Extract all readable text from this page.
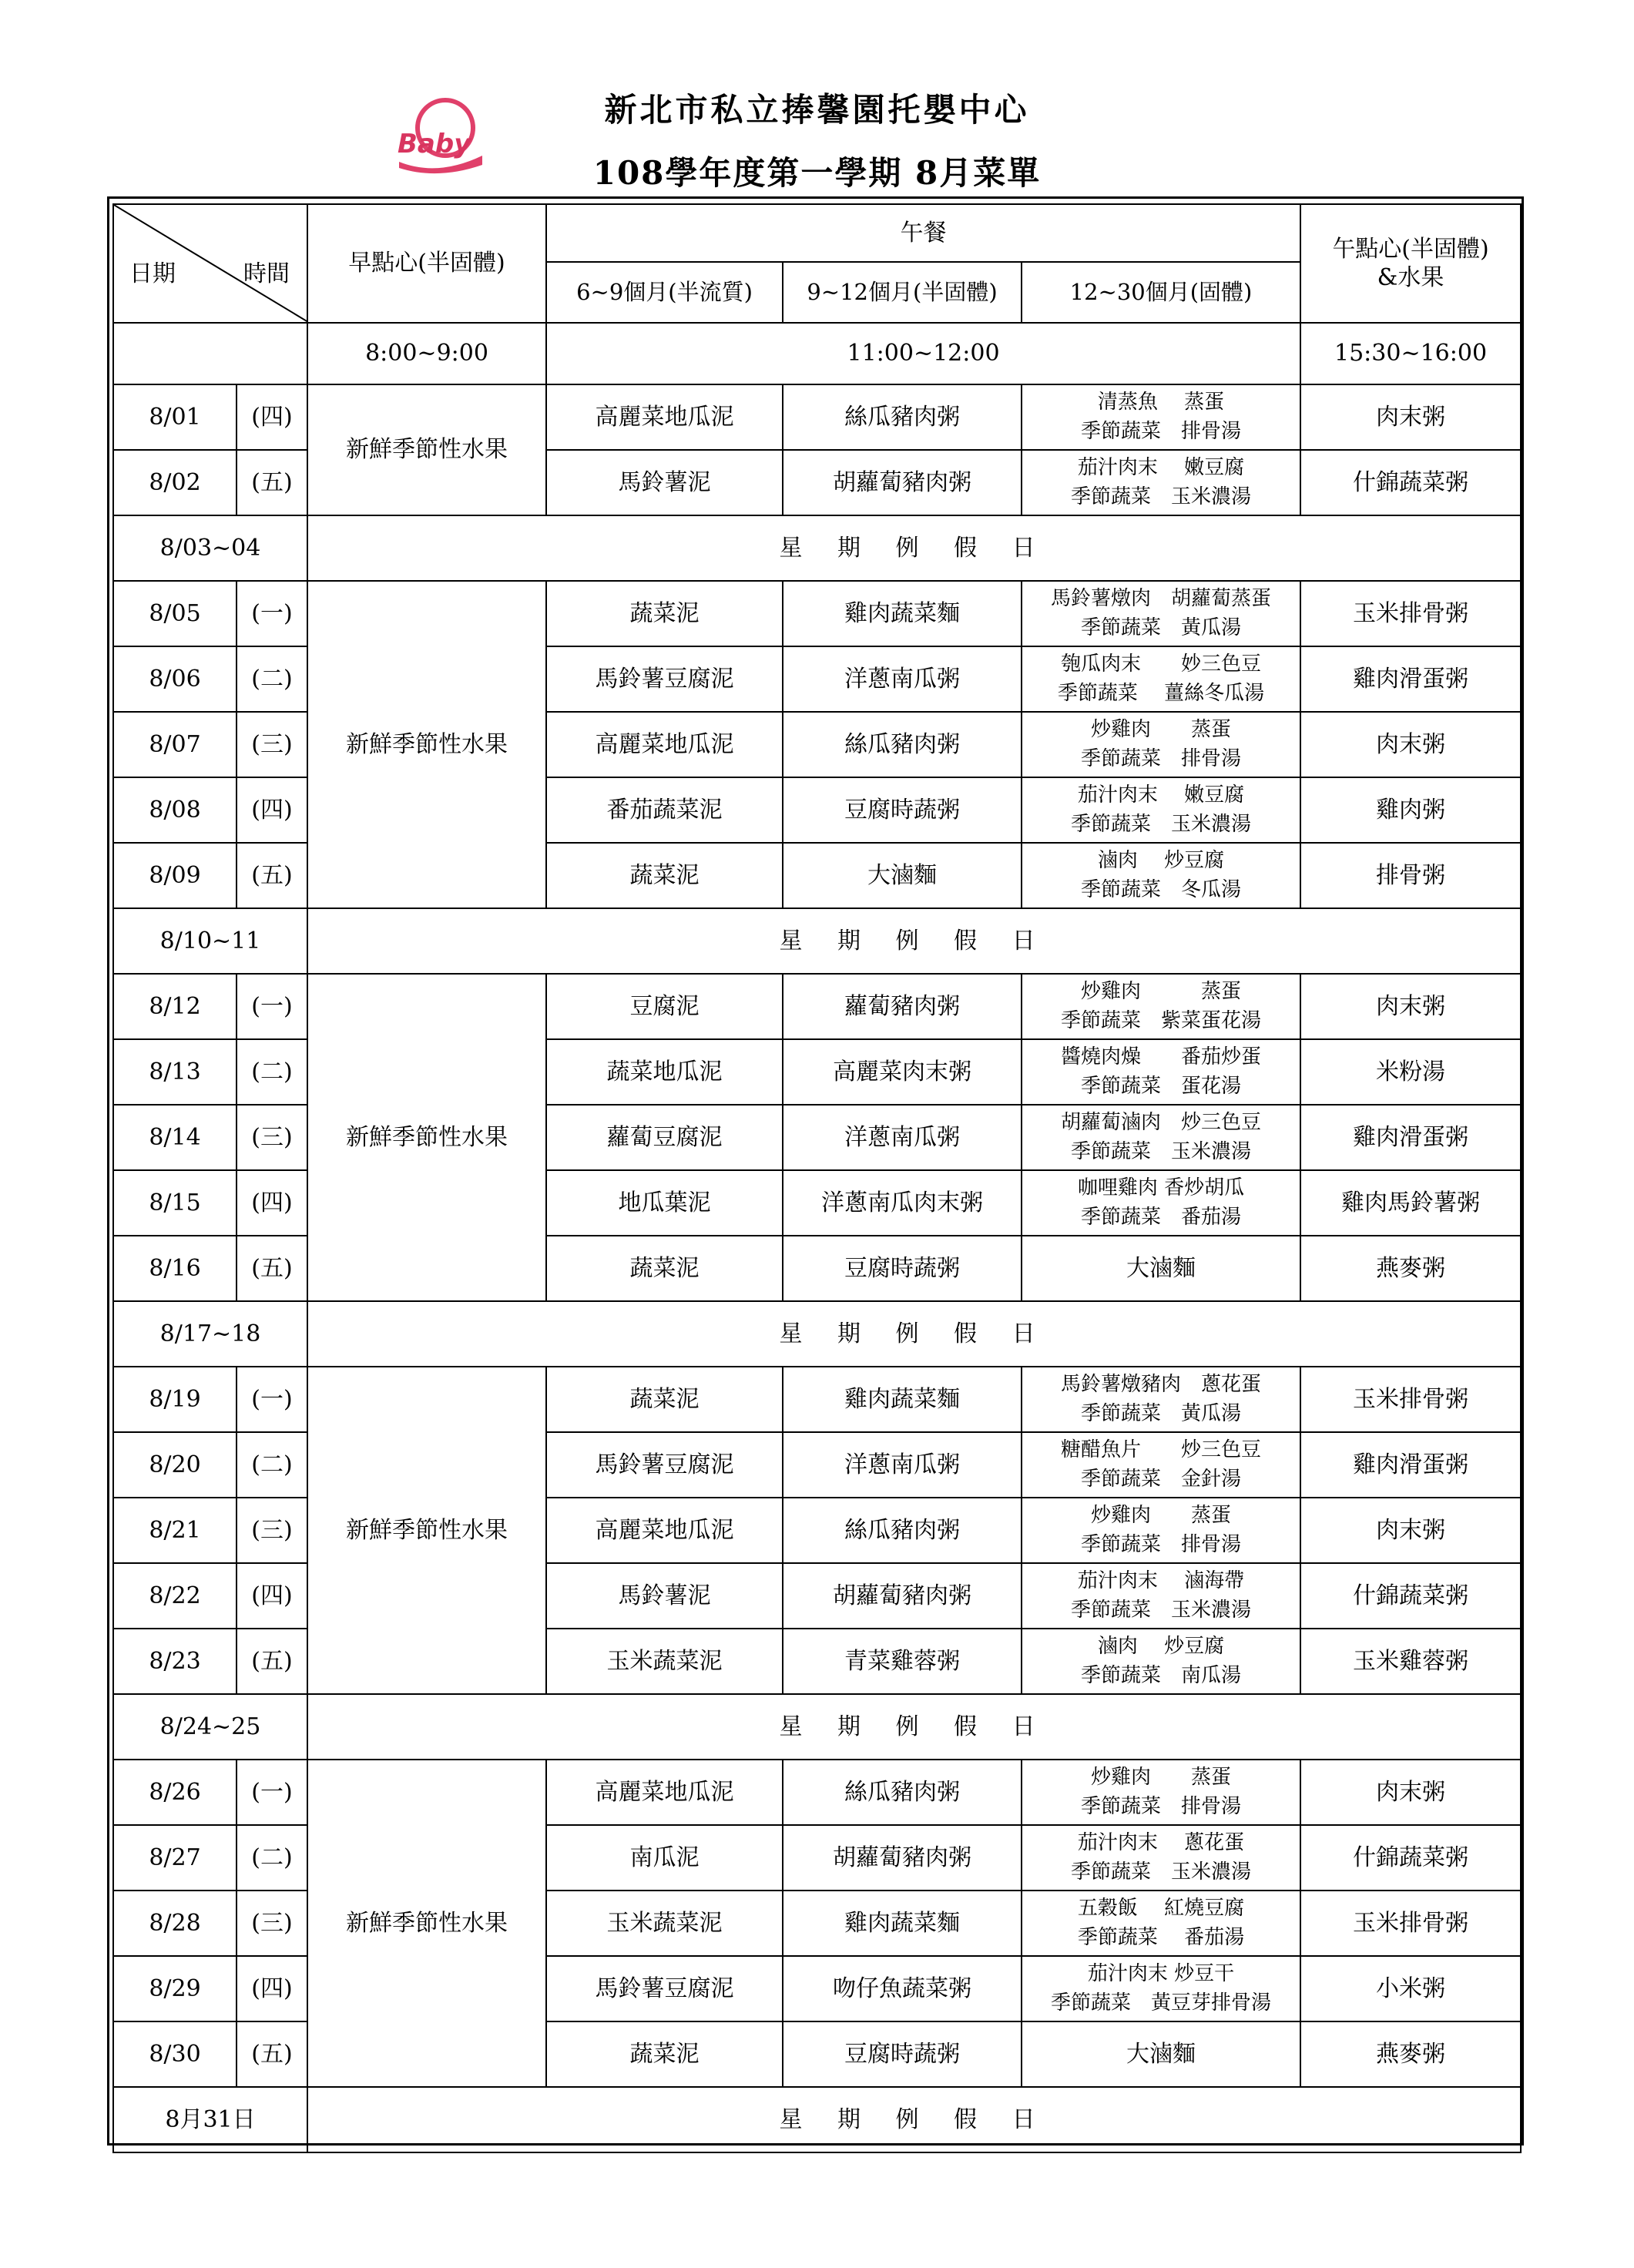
Baby
新北市私立捧馨園托嬰中心
108學年度第一學期 8月菜單
日期 時間		早點心(半固體)	午餐			午點心(半固體)
&水果

			6~9個月(半流質)	9~12個月(半固體)	12~30個月(固體)	
		8:00~9:00	11:00~12:00			15:30~16:00
8/01	(四)	新鮮季節性水果	高麗菜地瓜泥	絲瓜豬肉粥	清蒸魚　 蒸蛋
季節蔬菜　排骨湯	肉末粥
8/02	(五)		馬鈴薯泥	胡蘿蔔豬肉粥	茄汁肉末　 嫩豆腐
季節蔬菜　玉米濃湯	什錦蔬菜粥
8/03~04		星 期 例 假 日				
8/05	(一)	新鮮季節性水果	蔬菜泥	雞肉蔬菜麵	馬鈴薯燉肉　胡蘿蔔蒸蛋
季節蔬菜　黃瓜湯	玉米排骨粥
8/06	(二)		馬鈴薯豆腐泥	洋蔥南瓜粥	匏瓜肉末　　妙三色豆
季節蔬菜　 薑絲冬瓜湯	雞肉滑蛋粥
8/07	(三)		高麗菜地瓜泥	絲瓜豬肉粥	炒雞肉　　蒸蛋
季節蔬菜　排骨湯	肉末粥
8/08	(四)		番茄蔬菜泥	豆腐時蔬粥	茄汁肉末　 嫩豆腐
季節蔬菜　玉米濃湯	雞肉粥
8/09	(五)		蔬菜泥	大滷麵	滷肉　 炒豆腐
季節蔬菜　冬瓜湯	排骨粥
8/10~11		星 期 例 假 日				
8/12	(一)	新鮮季節性水果	豆腐泥	蘿蔔豬肉粥	炒雞肉　　　蒸蛋
季節蔬菜　紫菜蛋花湯	肉末粥
8/13	(二)		蔬菜地瓜泥	高麗菜肉末粥	醬燒肉燥　　番茄炒蛋
季節蔬菜　蛋花湯	米粉湯
8/14	(三)		蘿蔔豆腐泥	洋蔥南瓜粥	胡蘿蔔滷肉　炒三色豆
季節蔬菜　玉米濃湯	雞肉滑蛋粥
8/15	(四)		地瓜葉泥	洋蔥南瓜肉末粥	咖哩雞肉 香炒胡瓜
季節蔬菜　番茄湯	雞肉馬鈴薯粥
8/16	(五)		蔬菜泥	豆腐時蔬粥	大滷麵	燕麥粥
8/17~18		星 期 例 假 日				
8/19	(一)	新鮮季節性水果	蔬菜泥	雞肉蔬菜麵	馬鈴薯燉豬肉　蔥花蛋
季節蔬菜　黃瓜湯	玉米排骨粥
8/20	(二)		馬鈴薯豆腐泥	洋蔥南瓜粥	糖醋魚片　　炒三色豆
季節蔬菜　金針湯	雞肉滑蛋粥
8/21	(三)		高麗菜地瓜泥	絲瓜豬肉粥	炒雞肉　　蒸蛋
季節蔬菜　排骨湯	肉末粥
8/22	(四)		馬鈴薯泥	胡蘿蔔豬肉粥	茄汁肉末　 滷海帶
季節蔬菜　玉米濃湯	什錦蔬菜粥
8/23	(五)		玉米蔬菜泥	青菜雞蓉粥	滷肉　 炒豆腐
季節蔬菜　南瓜湯	玉米雞蓉粥
8/24~25		星 期 例 假 日				
8/26	(一)	新鮮季節性水果	高麗菜地瓜泥	絲瓜豬肉粥	炒雞肉　　蒸蛋
季節蔬菜　排骨湯	肉末粥
8/27	(二)		南瓜泥	胡蘿蔔豬肉粥	茄汁肉末　 蔥花蛋
季節蔬菜　玉米濃湯	什錦蔬菜粥
8/28	(三)		玉米蔬菜泥	雞肉蔬菜麵	五穀飯　 紅燒豆腐
季節蔬菜　 番茄湯	玉米排骨粥
8/29	(四)		馬鈴薯豆腐泥	吻仔魚蔬菜粥	茄汁肉末 炒豆干
季節蔬菜　黃豆芽排骨湯	小米粥
8/30	(五)		蔬菜泥	豆腐時蔬粥	大滷麵	燕麥粥
8月31日		星 期 例 假 日				
